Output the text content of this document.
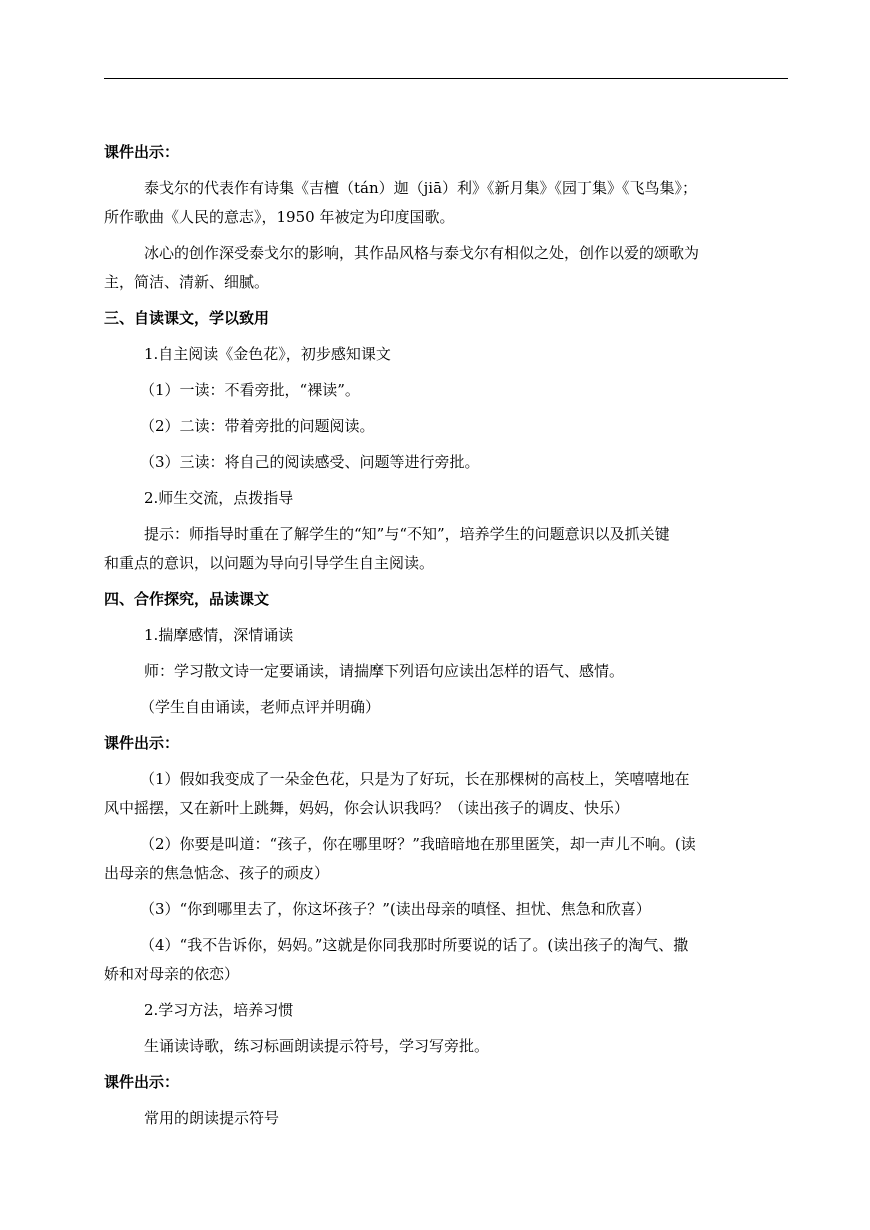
课件出示：
泰戈尔的代表作有诗集《吉檀（tán）迦（jiā）利》《新月集》《园丁集》《飞鸟集》；
所作歌曲《人民的意志》，1950 年被定为印度国歌。
冰心的创作深受泰戈尔的影响，其作品风格与泰戈尔有相似之处，创作以爱的颂歌为
主，简洁、清新、细腻。
三、自读课文，学以致用
1.自主阅读《金色花》，初步感知课文
（1）一读：不看旁批，“裸读”。
（2）二读：带着旁批的问题阅读。
（3）三读：将自己的阅读感受、问题等进行旁批。
2.师生交流，点拨指导
提示：师指导时重在了解学生的“知”与“不知”，培养学生的问题意识以及抓关键
和重点的意识，以问题为导向引导学生自主阅读。
四、合作探究，品读课文
1.揣摩感情，深情诵读
师：学习散文诗一定要诵读，请揣摩下列语句应读出怎样的语气、感情。
（学生自由诵读，老师点评并明确）
课件出示：
（1）假如我变成了一朵金色花，只是为了好玩，长在那棵树的高枝上，笑嘻嘻地在
风中摇摆，又在新叶上跳舞，妈妈，你会认识我吗？（读出孩子的调皮、快乐）
（2）你要是叫道：“孩子，你在哪里呀？”我暗暗地在那里匿笑，却一声儿不响。(读
出母亲的焦急惦念、孩子的顽皮）
（3）“你到哪里去了，你这坏孩子？”(读出母亲的嗔怪、担忧、焦急和欣喜）
（4）“我不告诉你，妈妈。”这就是你同我那时所要说的话了。(读出孩子的淘气、撒
娇和对母亲的依恋）
2.学习方法，培养习惯
生诵读诗歌，练习标画朗读提示符号，学习写旁批。
课件出示：
常用的朗读提示符号
